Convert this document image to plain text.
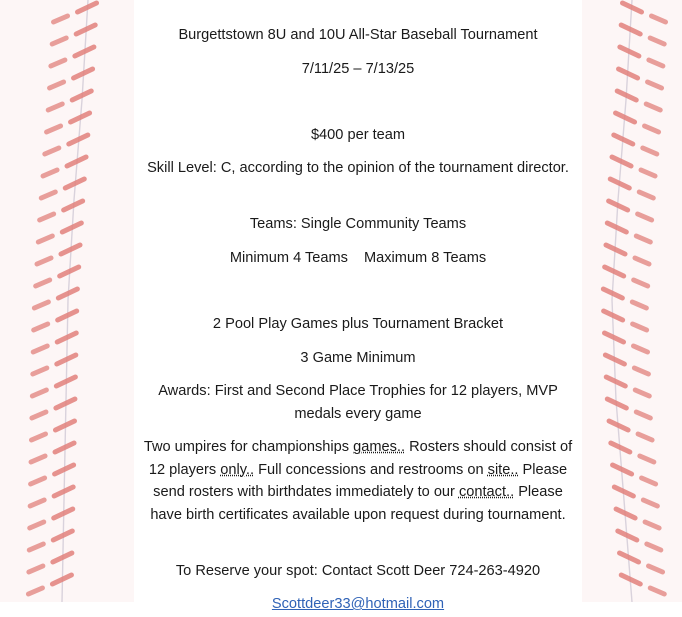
Burgettstown 8U and 10U All-Star Baseball Tournament
7/11/25 – 7/13/25
$400 per team
Skill Level: C, according to the opinion of the tournament director.
Teams: Single Community Teams
Minimum 4 Teams Maximum 8 Teams
2 Pool Play Games plus Tournament Bracket
3 Game Minimum
Awards: First and Second Place Trophies for 12 players, MVP medals every game
Two umpires for championships games.. Rosters should consist of 12 players only.. Full concessions and restrooms on site.. Please send rosters with birthdates immediately to our contact.. Please have birth certificates available upon request during tournament.
To Reserve your spot: Contact Scott Deer 724-263-4920
Scottdeer33@hotmail.com
